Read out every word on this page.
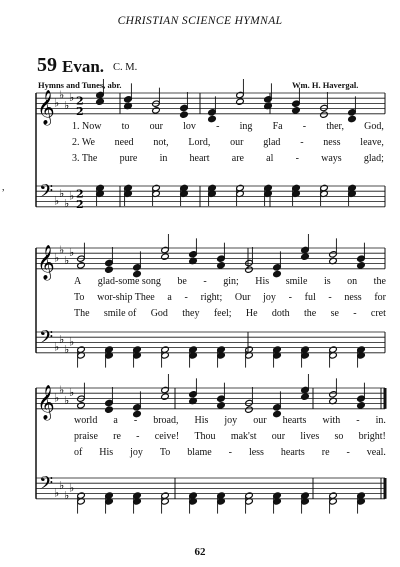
CHRISTIAN SCIENCE HYMNAL
59 Evan. C. M.
Hymns and Tunes, abr.	Wm. H. Havergal.
,
𝄞
𝄢
♭
♭
♭
♭
♭
♭
♭
♭
2
2
2
2
𝄞
𝄢
♭
♭
♭
♭
♭
♭
♭
♭
𝄞
𝄢
♭
♭
♭
♭
♭
♭
♭
♭
1. Now to our lov - ing Fa - ther, God,
2. We need not, Lord, our glad - ness leave,
3. The pure in heart are al - ways glad;
A glad-some song be - gin; His smile is on the
To wor-ship Thee a - right; Our joy - ful - ness for
The smile of God they feel; He doth the se - cret
world a - broad, His joy our hearts with - in.
praise re - ceive! Thou mak'st our lives so bright!
of His joy To blame - less hearts re - veal.
62
